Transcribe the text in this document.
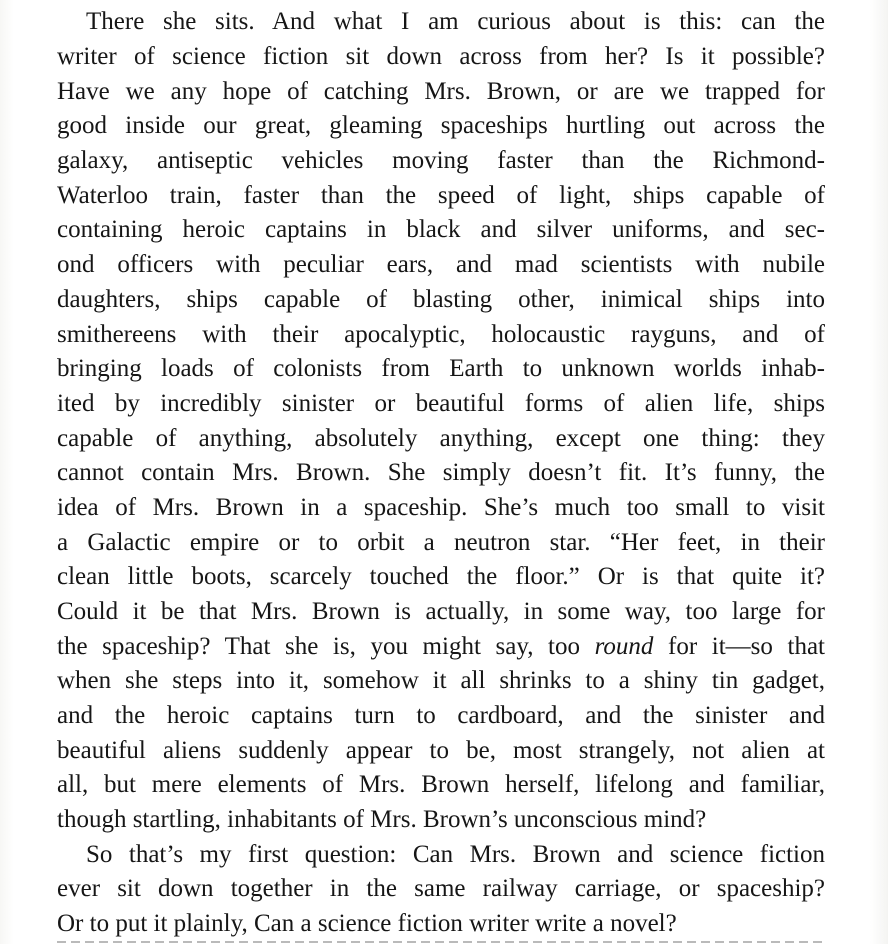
There she sits. And what I am curious about is this: can the
writer of science fiction sit down across from her? Is it possible?
Have we any hope of catching Mrs. Brown, or are we trapped for
good inside our great, gleaming spaceships hurtling out across the
galaxy, antiseptic vehicles moving faster than the Richmond-
Waterloo train, faster than the speed of light, ships capable of
containing heroic captains in black and silver uniforms, and sec-
ond officers with peculiar ears, and mad scientists with nubile
daughters, ships capable of blasting other, inimical ships into
smithereens with their apocalyptic, holocaustic rayguns, and of
bringing loads of colonists from Earth to unknown worlds inhab-
ited by incredibly sinister or beautiful forms of alien life, ships
capable of anything, absolutely anything, except one thing: they
cannot contain Mrs. Brown. She simply doesn’t fit. It’s funny, the
idea of Mrs. Brown in a spaceship. She’s much too small to visit
a Galactic empire or to orbit a neutron star. “Her feet, in their
clean little boots, scarcely touched the floor.” Or is that quite it?
Could it be that Mrs. Brown is actually, in some way, too large for
the spaceship? That she is, you might say, too round for it—so that
when she steps into it, somehow it all shrinks to a shiny tin gadget,
and the heroic captains turn to cardboard, and the sinister and
beautiful aliens suddenly appear to be, most strangely, not alien at
all, but mere elements of Mrs. Brown herself, lifelong and familiar,
though startling, inhabitants of Mrs. Brown’s unconscious mind?
So that’s my first question: Can Mrs. Brown and science fiction
ever sit down together in the same railway carriage, or spaceship?
Or to put it plainly, Can a science fiction writer write a novel?
